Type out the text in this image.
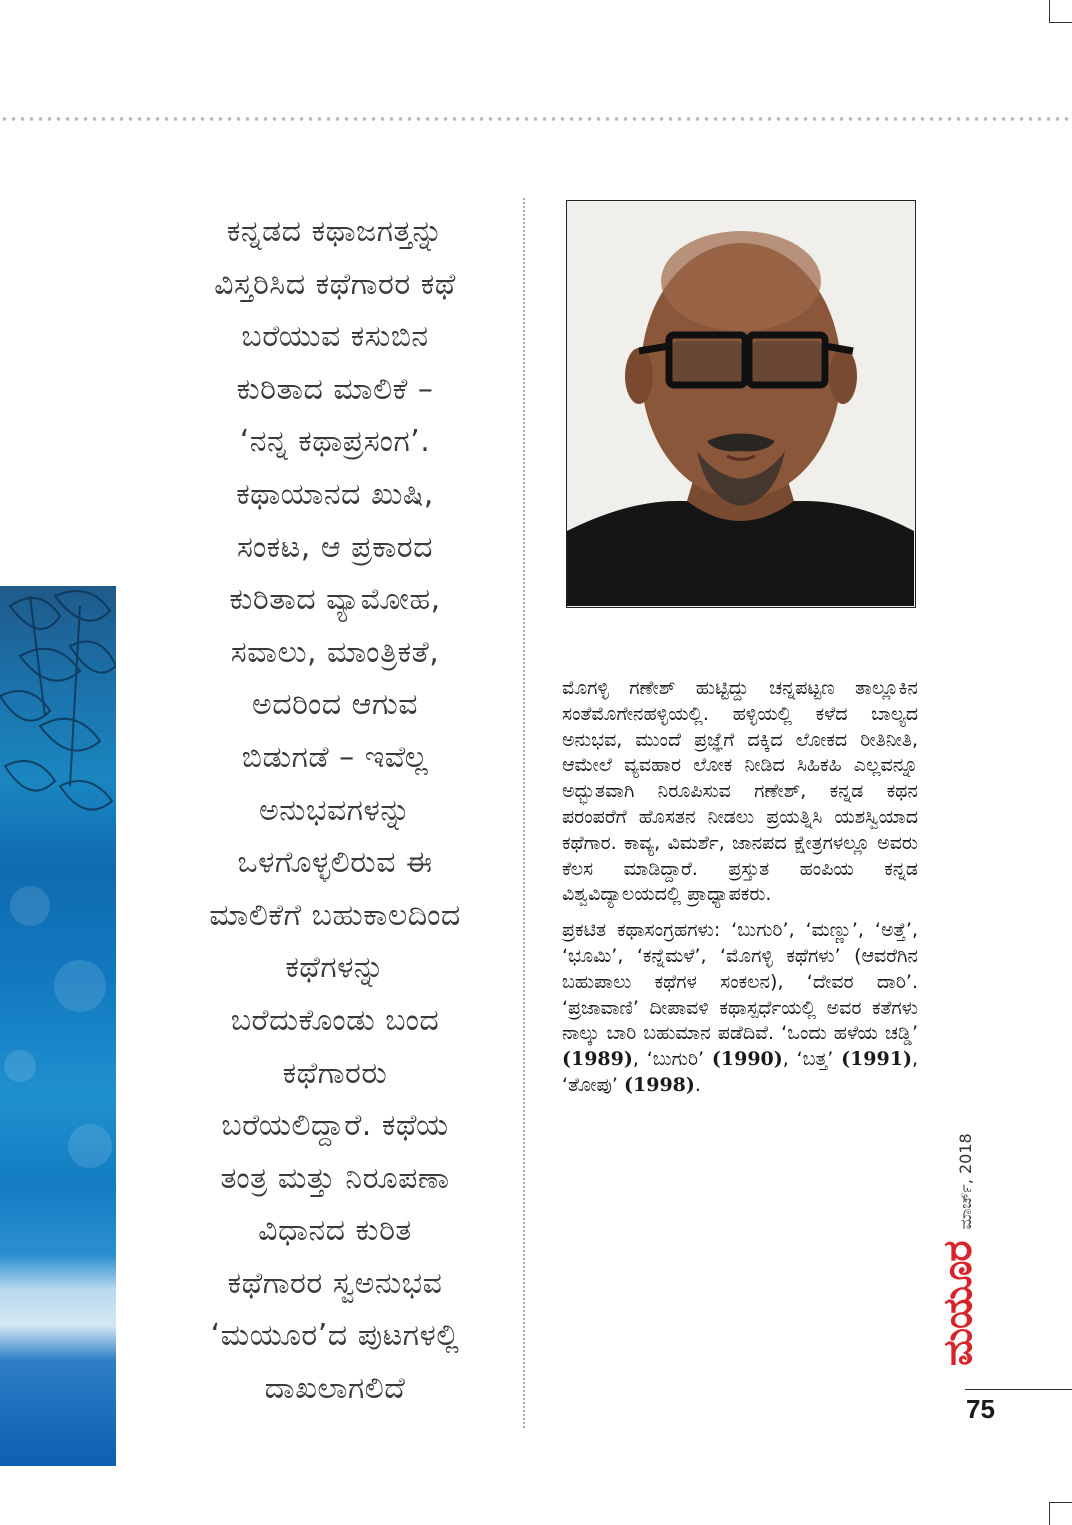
ಕನ್ನಡದ ಕಥಾಜಗತ್ತನ್ನು
ವಿಸ್ತರಿಸಿದ ಕಥೆಗಾರರ ಕಥೆ
ಬರೆಯುವ ಕಸುಬಿನ
ಕುರಿತಾದ ಮಾಲಿಕೆ –
‘ನನ್ನ ಕಥಾಪ್ರಸಂಗ’.
ಕಥಾಯಾನದ ಖುಷಿ,
ಸಂಕಟ, ಆ ಪ್ರಕಾರದ
ಕುರಿತಾದ ವ್ಯಾಮೋಹ,
ಸವಾಲು, ಮಾಂತ್ರಿಕತೆ,
ಅದರಿಂದ ಆಗುವ
ಬಿಡುಗಡೆ – ಇವೆಲ್ಲ
ಅನುಭವಗಳನ್ನು
ಒಳಗೊಳ್ಳಲಿರುವ ಈ
ಮಾಲಿಕೆಗೆ ಬಹುಕಾಲದಿಂದ
ಕಥೆಗಳನ್ನು
ಬರೆದುಕೊಂಡು ಬಂದ
ಕಥೆಗಾರರು
ಬರೆಯಲಿದ್ದಾರೆ. ಕಥೆಯ
ತಂತ್ರ ಮತ್ತು ನಿರೂಪಣಾ
ವಿಧಾನದ ಕುರಿತ
ಕಥೆಗಾರರ ಸ್ವಅನುಭವ
‘ಮಯೂರ’ದ ಪುಟಗಳಲ್ಲಿ
ದಾಖಲಾಗಲಿದೆ

ಮೊಗಳ್ಳಿ ಗಣೇಶ್ ಹುಟ್ಟಿದ್ದು ಚನ್ನಪಟ್ಟಣ ತಾಲ್ಲೂಕಿನ ಸಂತೆಮೊಗೇನಹಳ್ಳಿಯಲ್ಲಿ. ಹಳ್ಳಿಯಲ್ಲಿ ಕಳೆದ ಬಾಲ್ಯದ ಅನುಭವ, ಮುಂದೆ ಪ್ರಜ್ಞೆಗೆ ದಕ್ಕಿದ ಲೋಕದ ರೀತಿನೀತಿ, ಆಮೇಲೆ ವ್ಯವಹಾರ ಲೋಕ ನೀಡಿದ ಸಿಹಿಕಹಿ ಎಲ್ಲವನ್ನೂ ಅದ್ಭುತವಾಗಿ ನಿರೂಪಿಸುವ ಗಣೇಶ್, ಕನ್ನಡ ಕಥನ ಪರಂಪರೆಗೆ ಹೊಸತನ ನೀಡಲು ಪ್ರಯತ್ನಿಸಿ ಯಶಸ್ವಿಯಾದ ಕಥೆಗಾರ. ಕಾವ್ಯ, ವಿಮರ್ಶೆ, ಜಾನಪದ ಕ್ಷೇತ್ರಗಳಲ್ಲೂ ಅವರು ಕೆಲಸ ಮಾಡಿದ್ದಾರೆ. ಪ್ರಸ್ತುತ ಹಂಪಿಯ ಕನ್ನಡ ವಿಶ್ವವಿದ್ಯಾಲಯದಲ್ಲಿ ಪ್ರಾಧ್ಯಾಪಕರು.

ಪ್ರಕಟಿತ ಕಥಾಸಂಗ್ರಹಗಳು: ‘ಬುಗುರಿ’, ‘ಮಣ್ಣು’, ‘ಅತ್ತೆ’, ‘ಭೂಮಿ’, ‘ಕನ್ನೆಮಳೆ’, ‘ಮೊಗಳ್ಳಿ ಕಥೆಗಳು’ (ಆವರೆಗಿನ ಬಹುಪಾಲು ಕಥೆಗಳ ಸಂಕಲನ), ‘ದೇವರ ದಾರಿ’. ‘ಪ್ರಜಾವಾಣಿ’ ದೀಪಾವಳಿ ಕಥಾಸ್ಪರ್ಧೆಯಲ್ಲಿ ಅವರ ಕತೆಗಳು ನಾಲ್ಕು ಬಾರಿ ಬಹುಮಾನ ಪಡೆದಿವೆ. ‘ಒಂದು ಹಳೆಯ ಚಡ್ಡಿ’ (1989), ‘ಬುಗುರಿ’ (1990), ‘ಬತ್ತ’ (1991), ‘ತೋಪು’ (1998).

ಮಯೂರ
ಮಾರ್ಚ್, 2018
75
